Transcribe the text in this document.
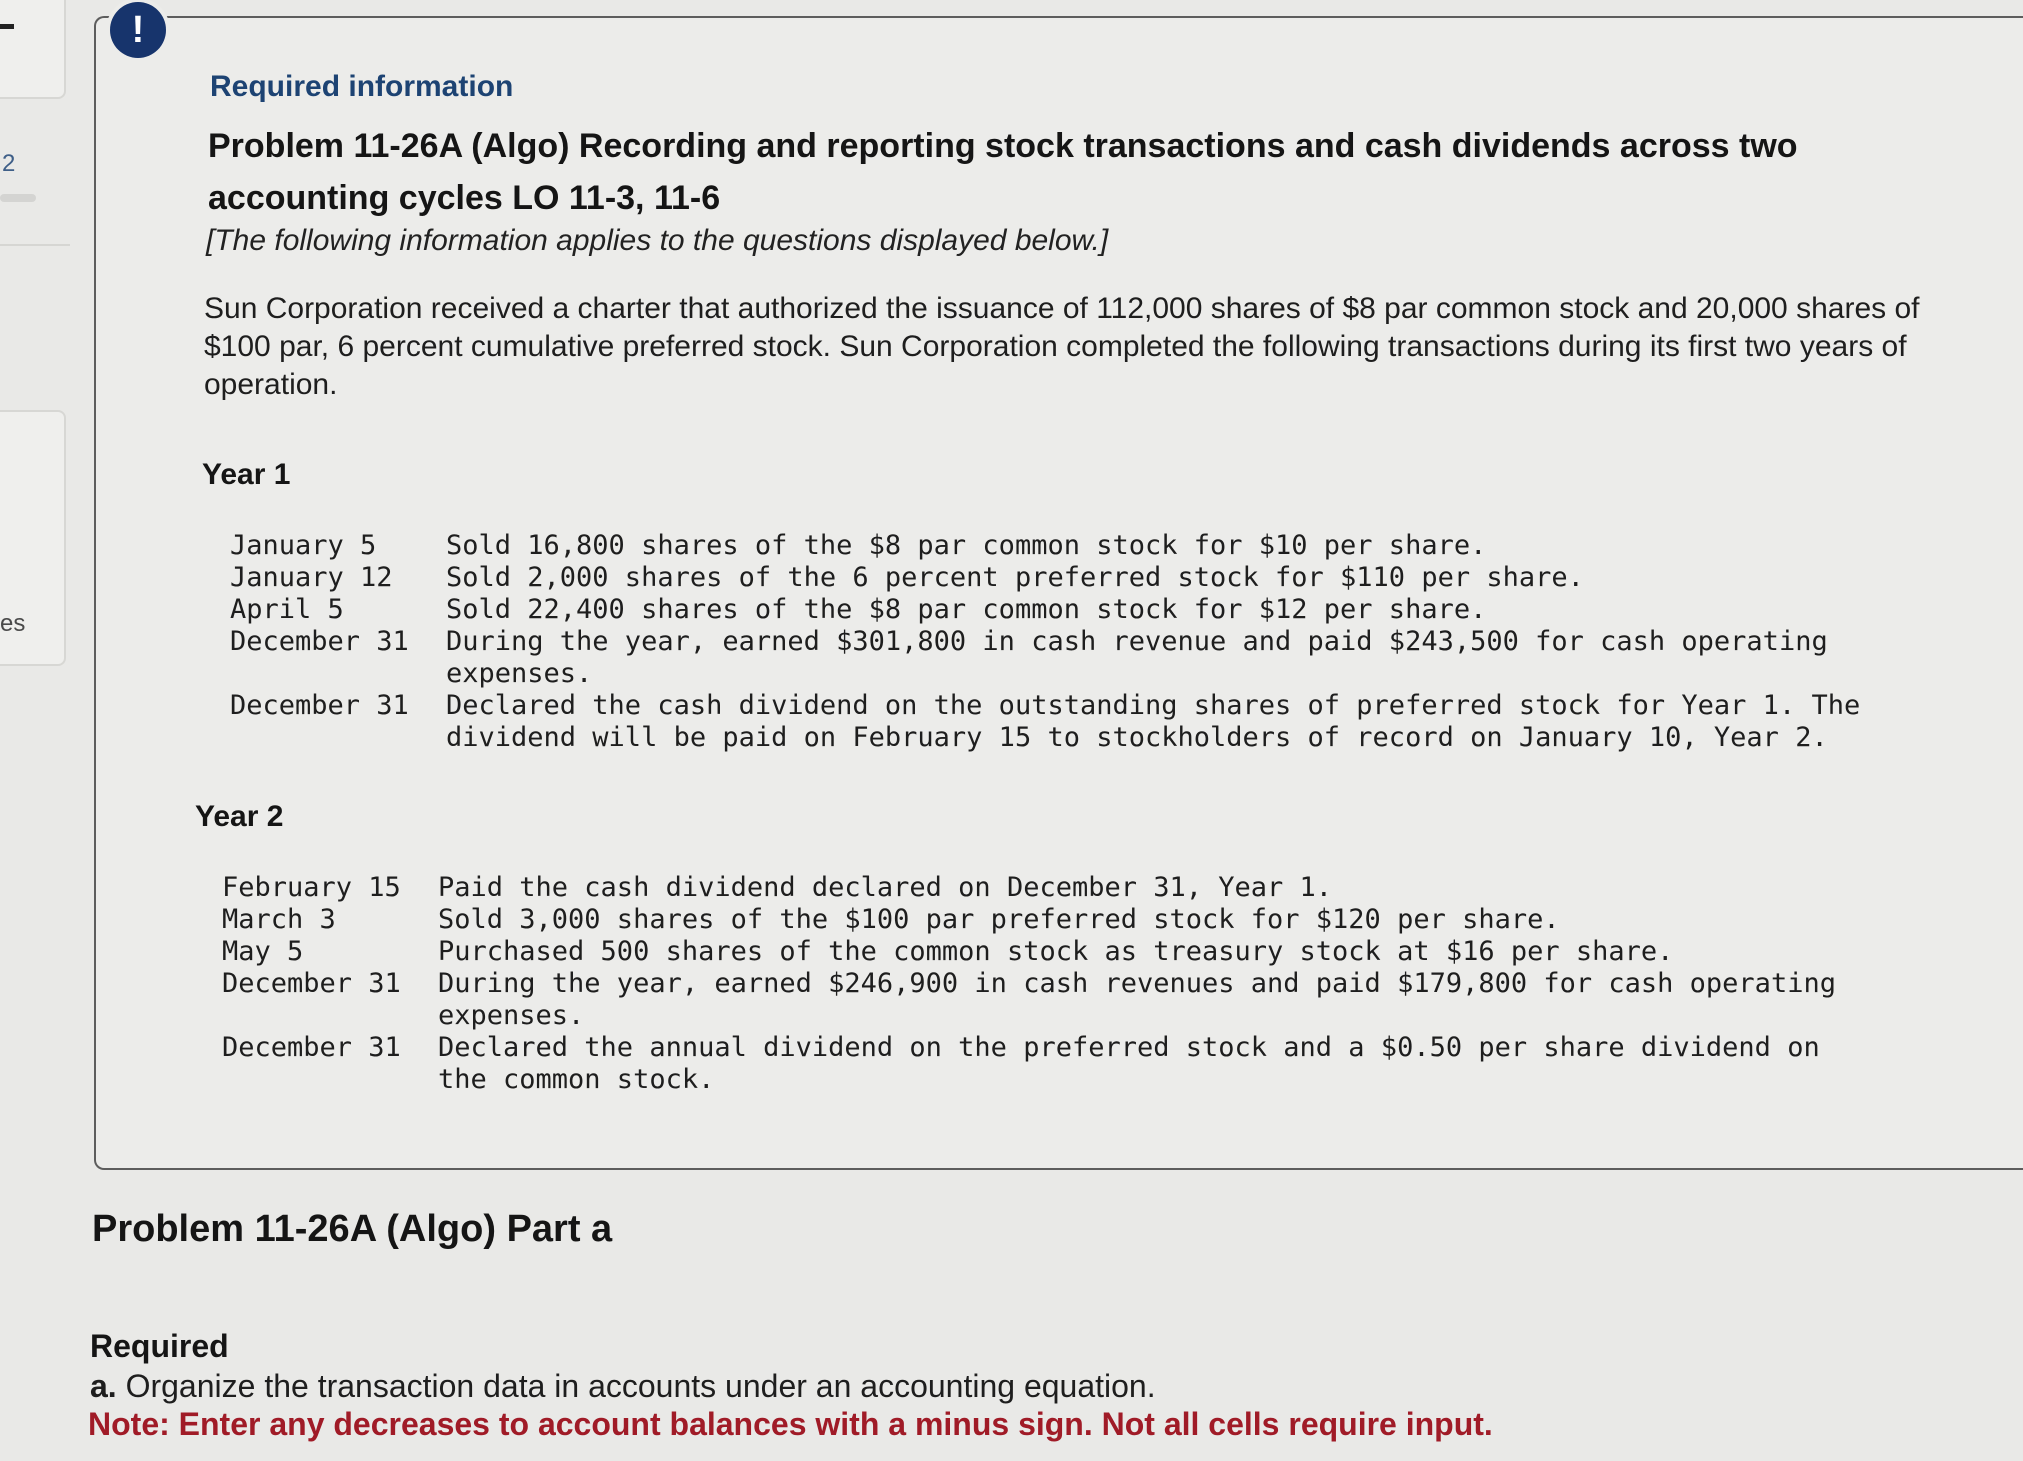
2
es
!
Required information
Problem 11-26A (Algo) Recording and reporting stock transactions and cash dividends across two accounting cycles LO 11-3, 11-6
[The following information applies to the questions displayed below.]
Sun Corporation received a charter that authorized the issuance of 112,000 shares of $8 par common stock and 20,000 shares of $100 par, 6 percent cumulative preferred stock. Sun Corporation completed the following transactions during its first two years of operation.
Year 1
January 5	Sold 16,800 shares of the $8 par common stock for $10 per share.
January 12	Sold 2,000 shares of the 6 percent preferred stock for $110 per share.
April 5	Sold 22,400 shares of the $8 par common stock for $12 per share.
December 31	During the year, earned $301,800 in cash revenue and paid $243,500 for cash operating expenses.
December 31	Declared the cash dividend on the outstanding shares of preferred stock for Year 1. The dividend will be paid on February 15 to stockholders of record on January 10, Year 2.
Year 2
February 15	Paid the cash dividend declared on December 31, Year 1.
March 3	Sold 3,000 shares of the $100 par preferred stock for $120 per share.
May 5	Purchased 500 shares of the common stock as treasury stock at $16 per share.
December 31	During the year, earned $246,900 in cash revenues and paid $179,800 for cash operating expenses.
December 31	Declared the annual dividend on the preferred stock and a $0.50 per share dividend on the common stock.
Problem 11-26A (Algo) Part a
Required
a. Organize the transaction data in accounts under an accounting equation.
Note: Enter any decreases to account balances with a minus sign. Not all cells require input.
